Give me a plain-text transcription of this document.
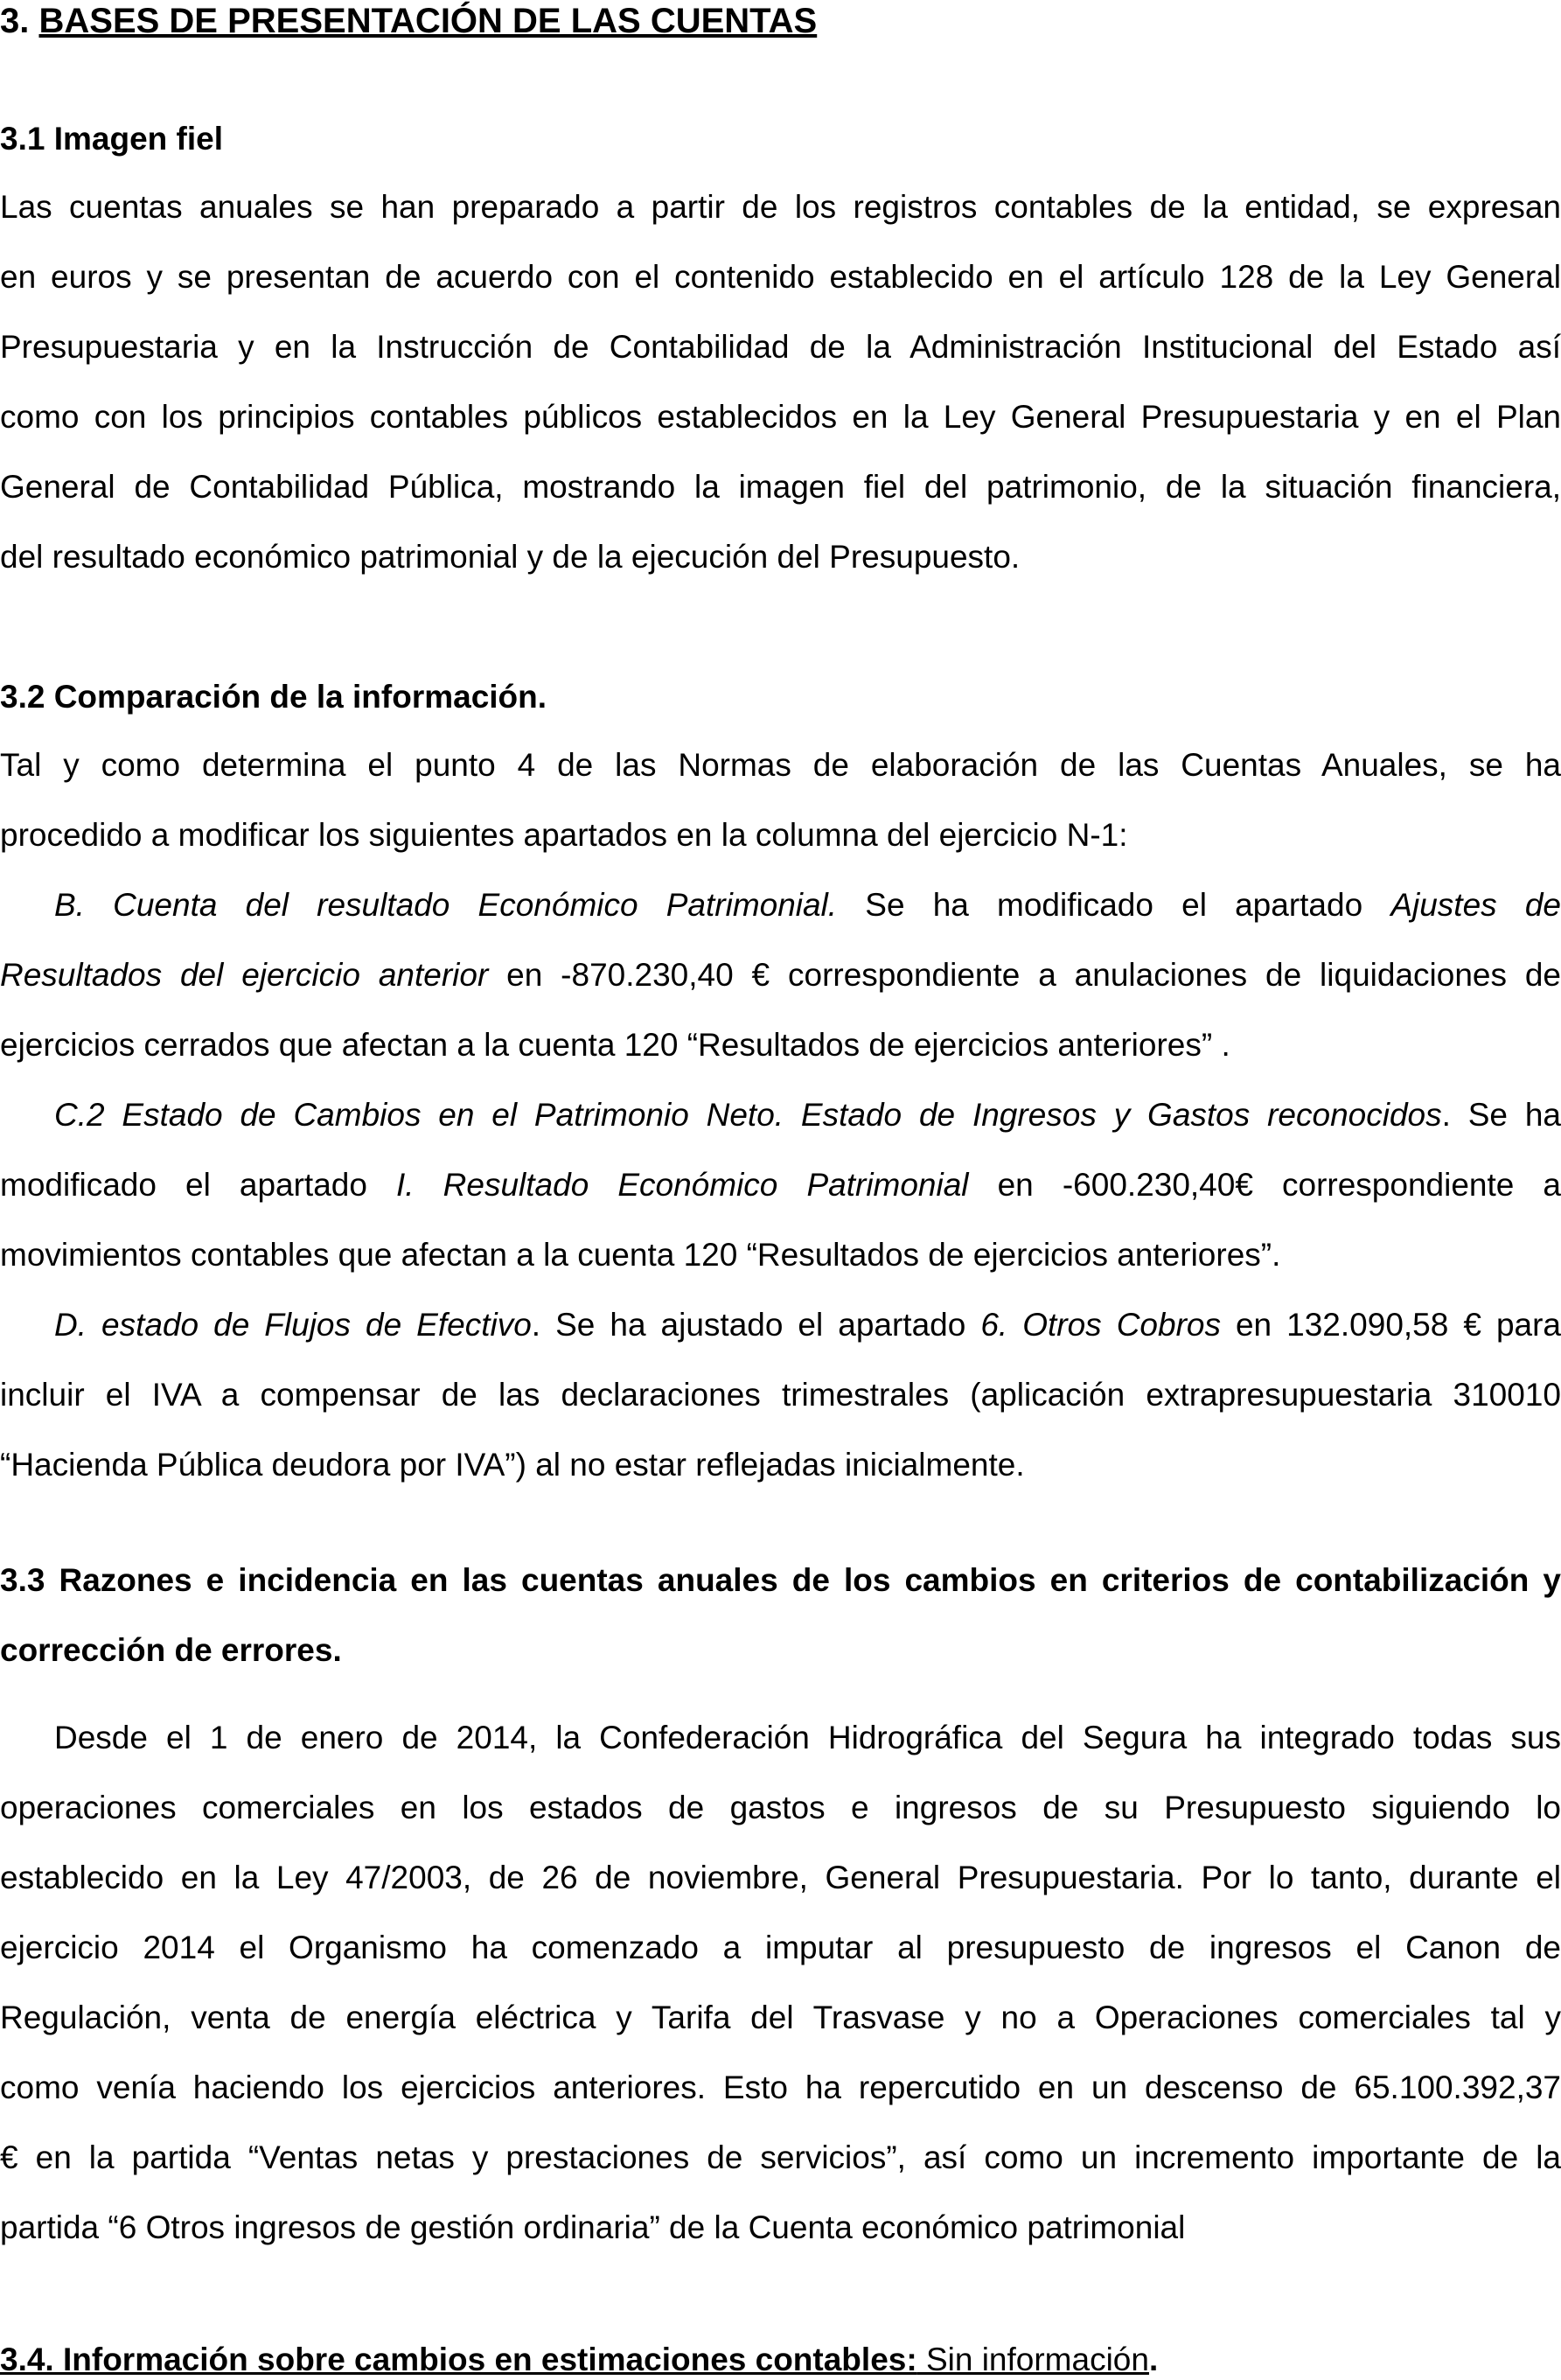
3. BASES DE PRESENTACIÓN DE LAS CUENTAS
3.1 Imagen fiel
Las cuentas anuales se han preparado a partir de los registros contables de la entidad, se expresan
en euros y se presentan de acuerdo con el contenido establecido en el artículo 128 de la Ley General
Presupuestaria y en la Instrucción de Contabilidad de la Administración Institucional del Estado así
como con los principios contables públicos establecidos en la Ley General Presupuestaria y en el Plan
General de Contabilidad Pública, mostrando la imagen fiel del patrimonio, de la situación financiera,
del resultado económico patrimonial y de la ejecución del Presupuesto.
3.2 Comparación de la información.
Tal y como determina el punto 4 de las Normas de elaboración de las Cuentas Anuales, se ha
procedido a modificar los siguientes apartados en la columna del ejercicio N-1:
B. Cuenta del resultado Económico Patrimonial. Se ha modificado el apartado Ajustes de
Resultados del ejercicio anterior en -870.230,40 € correspondiente a anulaciones de liquidaciones de
ejercicios cerrados que afectan a la cuenta 120 “Resultados de ejercicios anteriores” .
C.2 Estado de Cambios en el Patrimonio Neto. Estado de Ingresos y Gastos reconocidos. Se ha
modificado el apartado I. Resultado Económico Patrimonial en -600.230,40€ correspondiente a
movimientos contables que afectan a la cuenta 120 “Resultados de ejercicios anteriores”.
D. estado de Flujos de Efectivo. Se ha ajustado el apartado 6. Otros Cobros en 132.090,58 € para
incluir el IVA a compensar de las declaraciones trimestrales (aplicación extrapresupuestaria 310010
“Hacienda Pública deudora por IVA”) al no estar reflejadas inicialmente.
3.3 Razones e incidencia en las cuentas anuales de los cambios en criterios de contabilización y
corrección de errores.
Desde el 1 de enero de 2014, la Confederación Hidrográfica del Segura ha integrado todas sus
operaciones comerciales en los estados de gastos e ingresos de su Presupuesto siguiendo lo
establecido en la Ley 47/2003, de 26 de noviembre, General Presupuestaria. Por lo tanto, durante el
ejercicio 2014 el Organismo ha comenzado a imputar al presupuesto de ingresos el Canon de
Regulación, venta de energía eléctrica y Tarifa del Trasvase y no a Operaciones comerciales tal y
como venía haciendo los ejercicios anteriores. Esto ha repercutido en un descenso de 65.100.392,37
€ en la partida “Ventas netas y prestaciones de servicios”, así como un incremento importante de la
partida “6 Otros ingresos de gestión ordinaria” de la Cuenta económico patrimonial
3.4. Información sobre cambios en estimaciones contables: Sin información.
